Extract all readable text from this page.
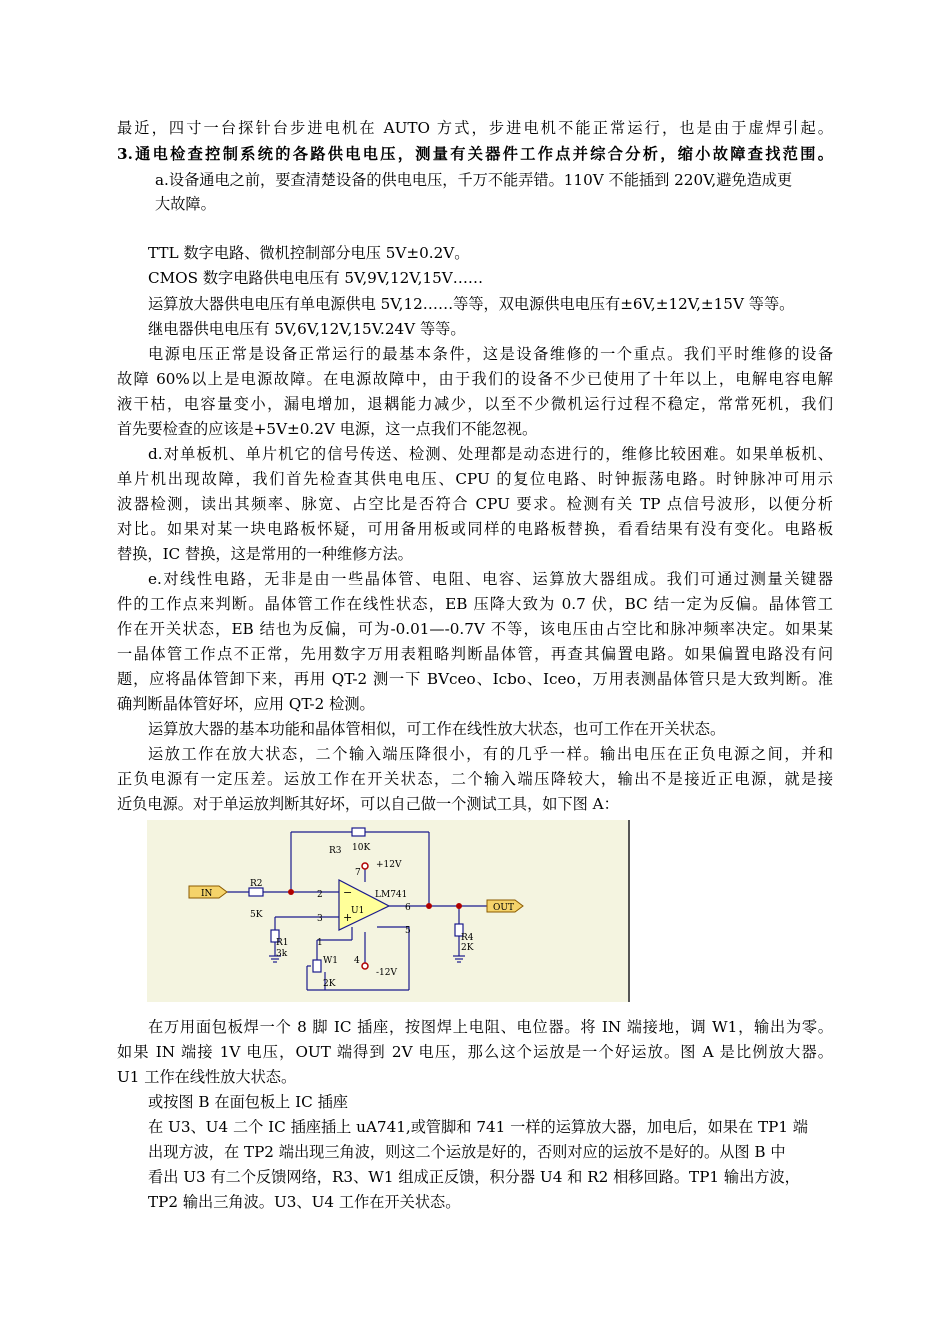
最近，四寸一台探针台步进电机在 AUTO 方式，步进电机不能正常运行，也是由于虚焊引起。
3.通电检查控制系统的各路供电电压，测量有关器件工作点并综合分析，缩小故障查找范围。
a.设备通电之前，要查清楚设备的供电电压，千万不能弄错。110V 不能插到 220V,避免造成更
大故障。
TTL 数字电路、微机控制部分电压 5V±0.2V。
CMOS 数字电路供电电压有 5V,9V,12V,15V……
运算放大器供电电压有单电源供电 5V,12……等等，双电源供电电压有±6V,±12V,±15V 等等。
继电器供电电压有 5V,6V,12V,15V.24V 等等。
电源电压正常是设备正常运行的最基本条件，这是设备维修的一个重点。我们平时维修的设备
故障 60%以上是电源故障。在电源故障中，由于我们的设备不少已使用了十年以上，电解电容电解
液干枯，电容量变小，漏电增加，退耦能力减少，以至不少微机运行过程不稳定，常常死机，我们
首先要检查的应该是+5V±0.2V 电源，这一点我们不能忽视。
d.对单板机、单片机它的信号传送、检测、处理都是动态进行的，维修比较困难。如果单板机、
单片机出现故障，我们首先检查其供电电压、CPU 的复位电路、时钟振荡电路。时钟脉冲可用示
波器检测，读出其频率、脉宽、占空比是否符合 CPU 要求。检测有关 TP 点信号波形，以便分析
对比。如果对某一块电路板怀疑，可用备用板或同样的电路板替换，看看结果有没有变化。电路板
替换，IC 替换，这是常用的一种维修方法。
e.对线性电路，无非是由一些晶体管、电阻、电容、运算放大器组成。我们可通过测量关键器
件的工作点来判断。晶体管工作在线性状态，EB 压降大致为 0.7 伏，BC 结一定为反偏。晶体管工
作在开关状态，EB 结也为反偏，可为-0.01—-0.7V 不等，该电压由占空比和脉冲频率决定。如果某
一晶体管工作点不正常，先用数字万用表粗略判断晶体管，再查其偏置电路。如果偏置电路没有问
题，应将晶体管卸下来，再用 QT-2 测一下 BVceo、Icbo、Iceo，万用表测晶体管只是大致判断。准
确判断晶体管好坏，应用 QT-2 检测。
运算放大器的基本功能和晶体管相似，可工作在线性放大状态，也可工作在开关状态。
运放工作在放大状态，二个输入端压降很小，有的几乎一样。输出电压在正负电源之间，并和
正负电源有一定压差。运放工作在开关状态，二个输入端压降较大，输出不是接近正电源，就是接
近负电源。对于单运放判断其好坏，可以自己做一个测试工具，如下图 A：
在万用面包板焊一个 8 脚 IC 插座，按图焊上电阻、电位器。将 IN 端接地，调 W1，输出为零。
如果 IN 端接 1V 电压，OUT 端得到 2V 电压，那么这个运放是一个好运放。图 A 是比例放大器。
U1 工作在线性放大状态。
或按图 B 在面包板上 IC 插座
在 U3、U4 二个 IC 插座插上 uA741,或管脚和 741 一样的运算放大器，加电后，如果在 TP1 端
出现方波，在 TP2 端出现三角波，则这二个运放是好的，否则对应的运放不是好的。从图 B 中
看出 U3 有二个反馈网络，R3、W1 组成正反馈，积分器 U4 和 R2 相移回路。TP1 输出方波，
TP2 输出三角波。U3、U4 工作在开关状态。
IN
OUT
R2
5K
R3 10K
R1
3k
R4
2K
W1
2K
U1
LM741
+12V
-12V
2
3
7
6
4
1
5
−
+
